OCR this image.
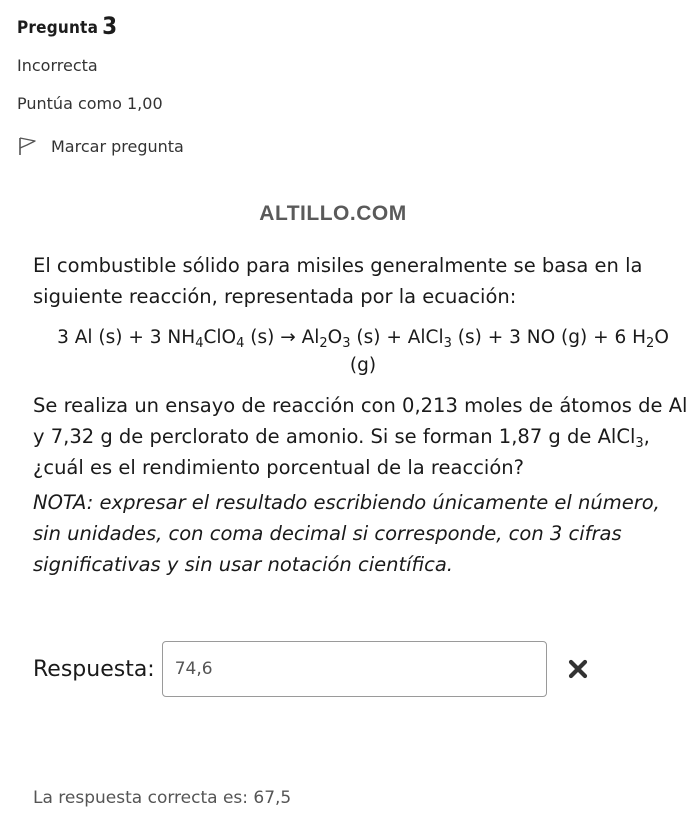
Pregunta 3
Incorrecta
Puntúa como 1,00
Marcar pregunta
ALTILLO.COM

El combustible sólido para misiles generalmente se basa en la siguiente reacción, representada por la ecuación:

3 Al (s) + 3 $NH_4ClO_4$ $(s) \to Al_2O_3$ (s) + AlCl$_3$ (s) + 3 NO (g) + 6 $H_2O$
(g)

Se realiza un ensayo de reacción con 0,213 moles de átomos de Al y 7,32 g de perclorato de amonio. Si se forman 1,87 g de AlCl$_3$, ¿cuál es el rendimiento porcentual de la reacción?

NOTA: expresar el resultado escribiendo únicamente el número, sin unidades, con coma decimal si corresponde, con 3 cifras significativas y sin usar notación científica.

Respuesta:
74,6
La respuesta correcta es: 67,5
